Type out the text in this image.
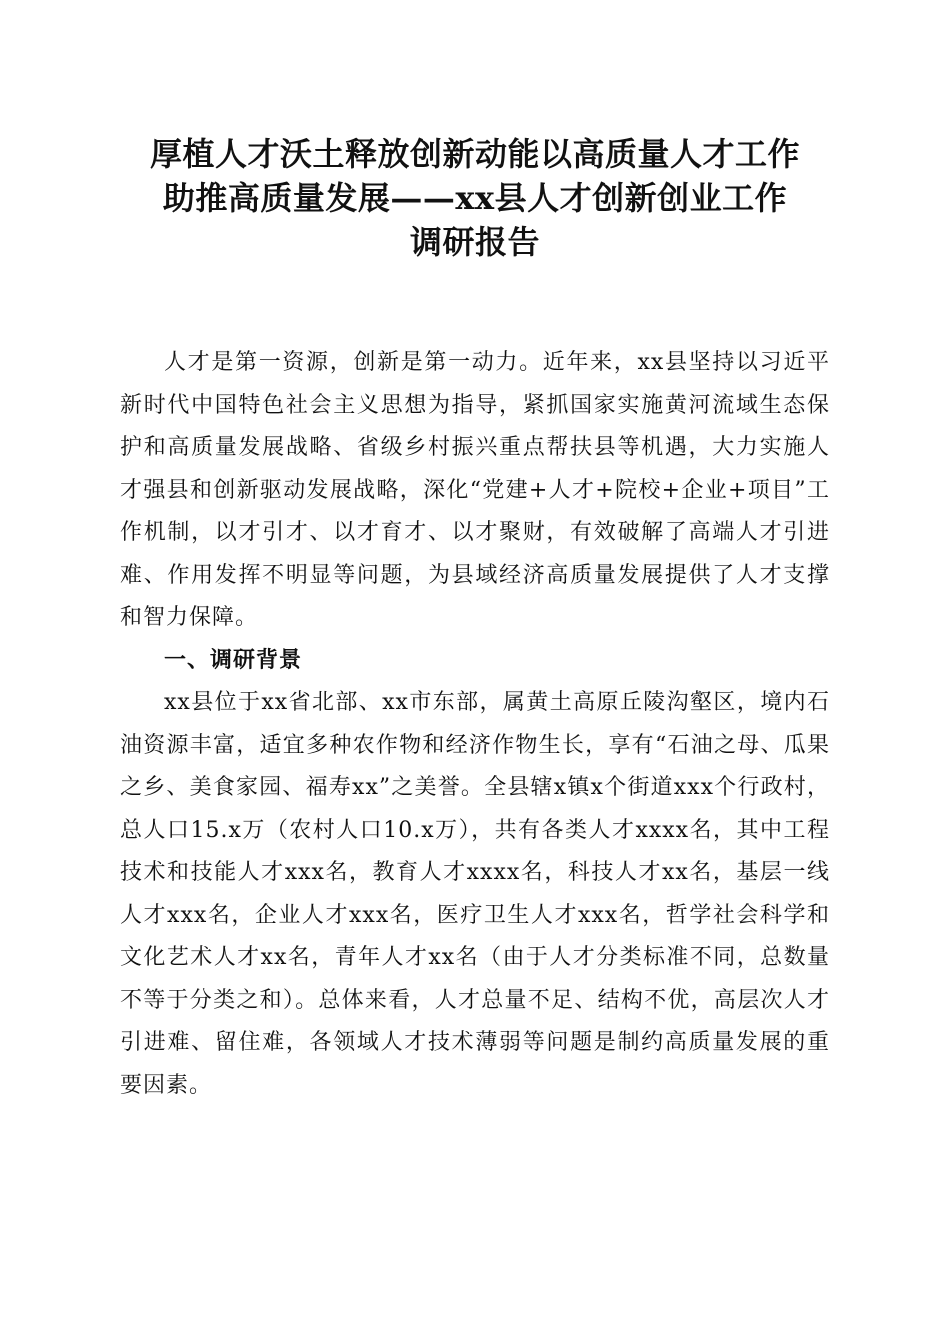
厚植人才沃土释放创新动能以高质量人才工作
助推高质量发展——xx县人才创新创业工作
调研报告

人才是第一资源，创新是第一动力。近年来，xx县坚持以习近平新时代中国特色社会主义思想为指导，紧抓国家实施黄河流域生态保护和高质量发展战略、省级乡村振兴重点帮扶县等机遇，大力实施人才强县和创新驱动发展战略，深化“党建+人才+院校+企业+项目”工作机制，以才引才、以才育才、以才聚财，有效破解了高端人才引进难、作用发挥不明显等问题，为县域经济高质量发展提供了人才支撑和智力保障。

一、调研背景

xx县位于xx省北部、xx市东部，属黄土高原丘陵沟壑区，境内石油资源丰富，适宜多种农作物和经济作物生长，享有“石油之母、瓜果之乡、美食家园、福寿xx”之美誉。全县辖x镇x个街道xxx个行政村，总人口15.x万（农村人口10.x万），共有各类人才xxxx名，其中工程技术和技能人才xxx名，教育人才xxxx名，科技人才xx名，基层一线人才xxx名，企业人才xxx名，医疗卫生人才xxx名，哲学社会科学和文化艺术人才xx名，青年人才xx名（由于人才分类标准不同，总数量不等于分类之和）。总体来看，人才总量不足、结构不优，高层次人才引进难、留住难，各领域人才技术薄弱等问题是制约高质量发展的重要因素。
